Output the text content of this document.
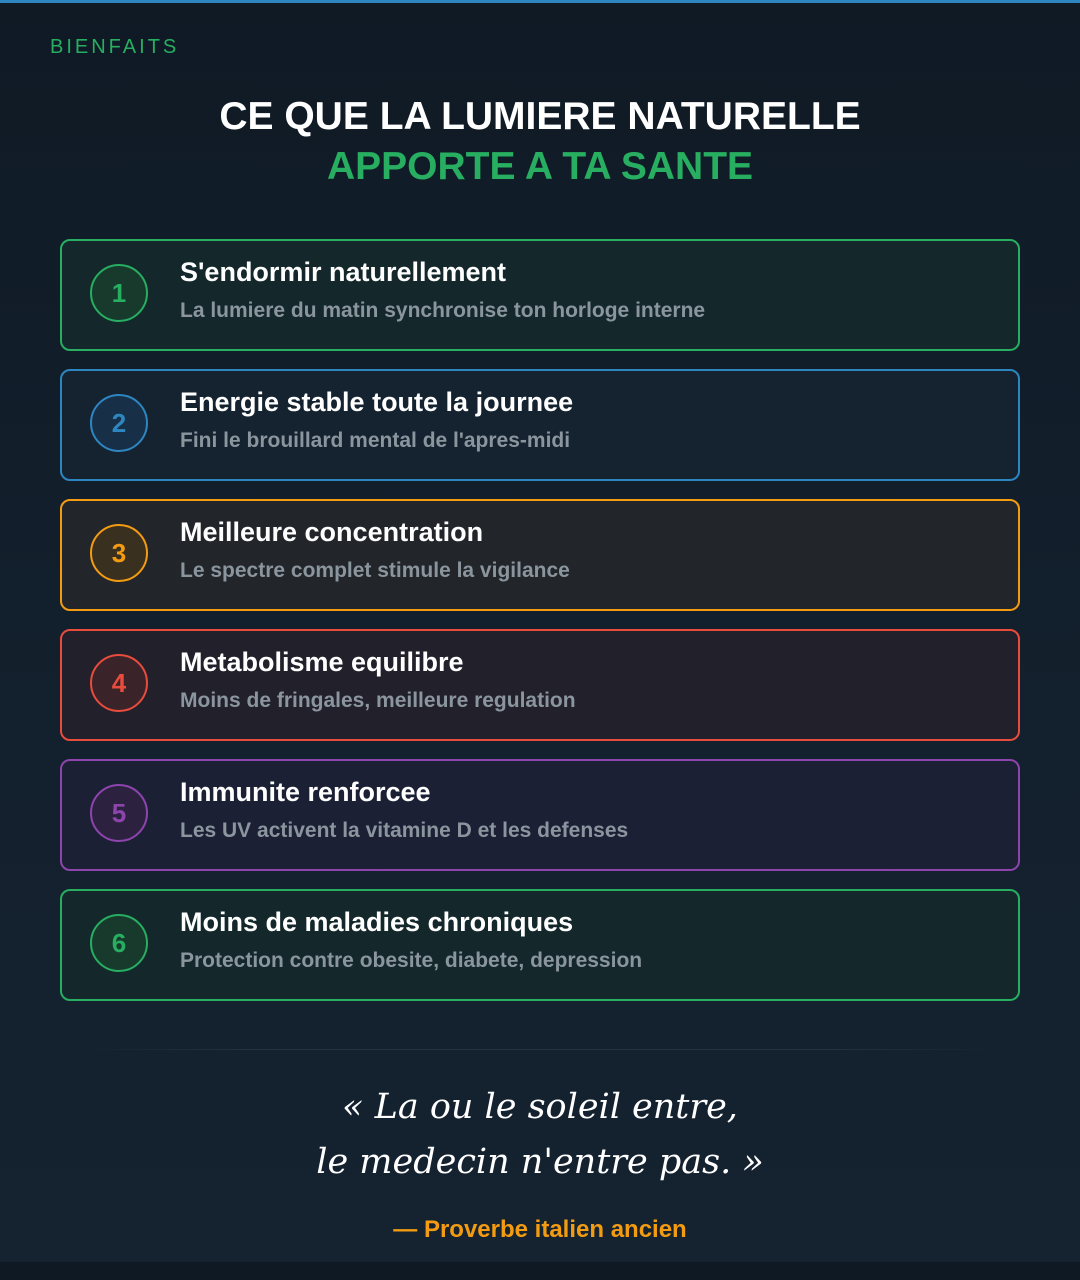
BIENFAITS
CE QUE LA LUMIERE NATURELLE
APPORTE A TA SANTE
1
S'endormir naturellement
La lumiere du matin synchronise ton horloge interne
2
Energie stable toute la journee
Fini le brouillard mental de l'apres-midi
3
Meilleure concentration
Le spectre complet stimule la vigilance
4
Metabolisme equilibre
Moins de fringales, meilleure regulation
5
Immunite renforcee
Les UV activent la vitamine D et les defenses
6
Moins de maladies chroniques
Protection contre obesite, diabete, depression
« La ou le soleil entre,
le medecin n'entre pas. »
— Proverbe italien ancien
